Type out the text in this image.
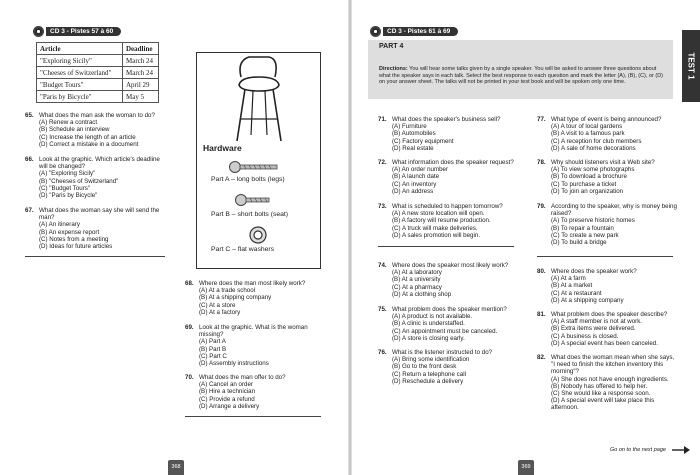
CD 3 - Pistes 57 à 60
Article	Deadline
"Exploring Sicily"	March 24
"Cheeses of Switzerland"	March 24
"Budget Tours"	April 29
"Paris by Bicycle"	May 5
65. What does the man ask the woman to do?
(A) Renew a contract
(B) Schedule an interview
(C) Increase the length of an article
(D) Correct a mistake in a document
66. Look at the graphic. Which article's deadline will be changed?
(A) "Exploring Sicily"
(B) "Cheeses of Switzerland"
(C) "Budget Tours"
(D) "Paris by Bicycle"
67. What does the woman say she will send the man?
(A) An itinerary
(B) An expense report
(C) Notes from a meeting
(D) Ideas for future articles
Hardware
Part A – long bolts (legs)
Part B – short bolts (seat)
Part C – flat washers
68. Where does the man most likely work?
(A) At a trade school
(B) At a shipping company
(C) At a store
(D) At a factory
69. Look at the graphic. What is the woman missing?
(A) Part A
(B) Part B
(C) Part C
(D) Assembly instructions
70. What does the man offer to do?
(A) Cancel an order
(B) Hire a technician
(C) Provide a refund
(D) Arrange a delivery
368
CD 3 - Pistes 61 à 69
TEST 1
PART 4
Directions: You will hear some talks given by a single speaker. You will be asked to answer three questions about what the speaker says in each talk. Select the best response to each question and mark the letter (A), (B), (C), or (D) on your answer sheet. The talks will not be printed in your test book and will be spoken only one time.
71. What does the speaker's business sell?
(A) Furniture
(B) Automobiles
(C) Factory equipment
(D) Real estate
72. What information does the speaker request?
(A) An order number
(B) A launch date
(C) An inventory
(D) An address
73. What is scheduled to happen tomorrow?
(A) A new store location will open.
(B) A factory will resume production.
(C) A truck will make deliveries.
(D) A sales promotion will begin.
74. Where does the speaker most likely work?
(A) At a laboratory
(B) At a university
(C) At a pharmacy
(D) At a clothing shop
75. What problem does the speaker mention?
(A) A product is not available.
(B) A clinic is understaffed.
(C) An appointment must be canceled.
(D) A store is closing early.
76. What is the listener instructed to do?
(A) Bring some identification
(B) Go to the front desk
(C) Return a telephone call
(D) Reschedule a delivery
77. What type of event is being announced?
(A) A tour of local gardens
(B) A visit to a famous park
(C) A reception for club members
(D) A sale of home decorations
78. Why should listeners visit a Web site?
(A) To view some photographs
(B) To download a brochure
(C) To purchase a ticket
(D) To join an organization
79. According to the speaker, why is money being raised?
(A) To preserve historic homes
(B) To repair a fountain
(C) To create a new park
(D) To build a bridge
80. Where does the speaker work?
(A) At a farm
(B) At a market
(C) At a restaurant
(D) At a shipping company
81. What problem does the speaker describe?
(A) A staff member is not at work.
(B) Extra items were delivered.
(C) A business is closed.
(D) A special event has been canceled.
82. What does the woman mean when she says, "I need to finish the kitchen inventory this morning"?
(A) She does not have enough ingredients.
(B) Nobody has offered to help her.
(C) She would like a response soon.
(D) A special event will take place this afternoon.
Go on to the next page
369
